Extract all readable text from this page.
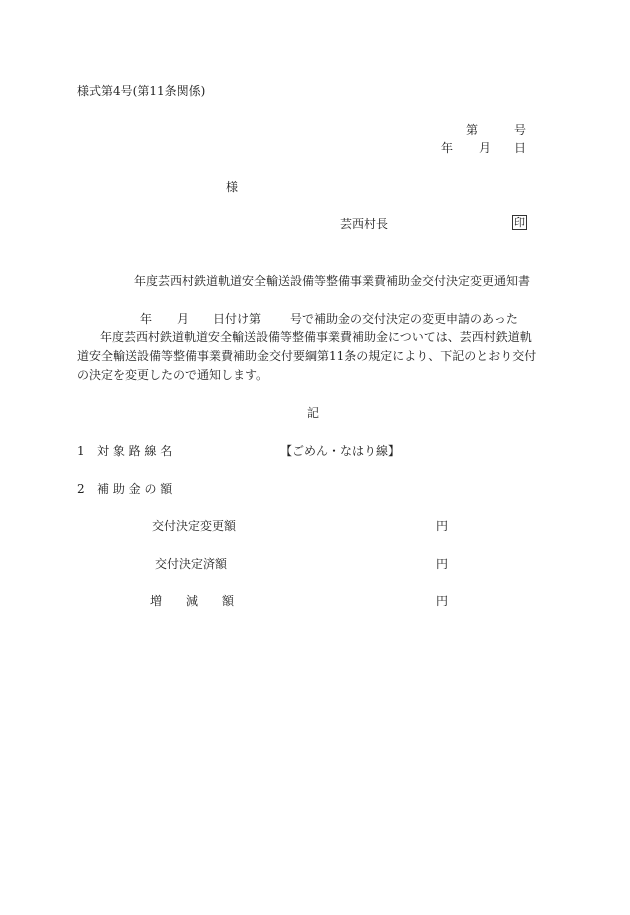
様式第4号(第11条関係)
第	号
年 月 日
様
芸西村長	印
年度芸西村鉄道軌道安全輸送設備等整備事業費補助金交付決定変更通知書
年 月 日付け第 号で補助金の交付決定の変更申請のあった
年度芸西村鉄道軌道安全輸送設備等整備事業費補助金については、芸西村鉄道軌
道安全輸送設備等整備事業費補助金交付要綱第11条の規定により、下記のとおり交付
の決定を変更したので通知します。
記
1 対 象 路 線 名	【ごめん・なはり線】
2 補 助 金 の 額
交付決定変更額	円
交付決定済額	円
増　　減　　額	円
